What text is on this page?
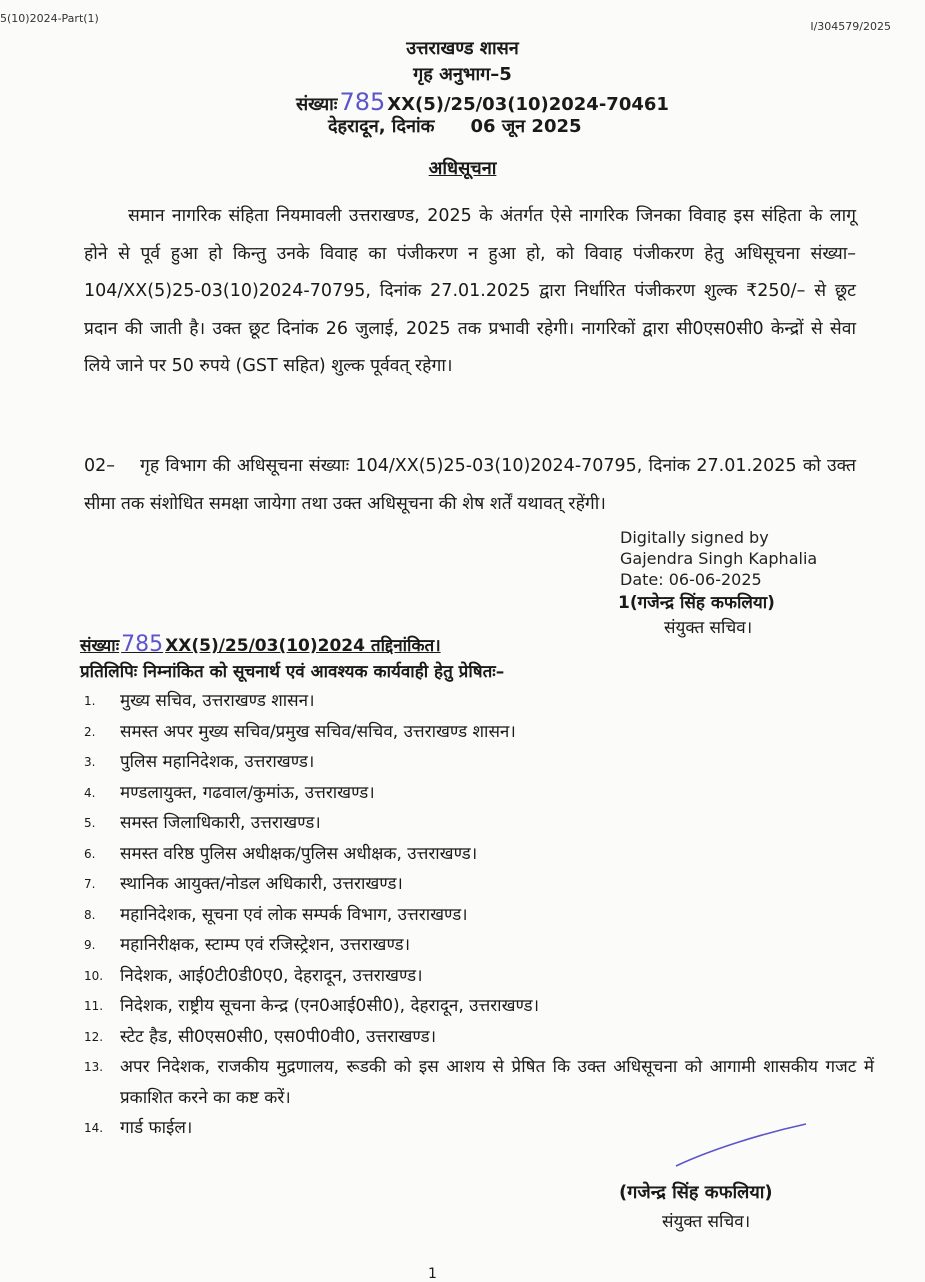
5(10)2024-Part(1)
I/304579/2025
उत्तराखण्ड शासन
गृह अनुभाग–5
संख्याः785 XX(5)/25/03(10)2024-70461
देहरादून, दिनांक 06 जून 2025
अधिसूचना
समान नागरिक संहिता नियमावली उत्तराखण्ड, 2025 के अंतर्गत ऐसे नागरिक जिनका विवाह इस संहिता के लागू होने से पूर्व हुआ हो किन्तु उनके विवाह का पंजीकरण न हुआ हो, को विवाह पंजीकरण हेतु अधिसूचना संख्या–104/XX(5)25-03(10)2024-70795, दिनांक 27.01.2025 द्वारा निर्धारित पंजीकरण शुल्क ₹250/– से छूट प्रदान की जाती है। उक्त छूट दिनांक 26 जुलाई, 2025 तक प्रभावी रहेगी। नागरिकों द्वारा सी0एस0सी0 केन्द्रों से सेवा लिये जाने पर 50 रुपये (GST सहित) शुल्क पूर्ववत् रहेगा।
02– गृह विभाग की अधिसूचना संख्याः 104/XX(5)25-03(10)2024-70795, दिनांक 27.01.2025 को उक्त सीमा तक संशोधित समक्षा जायेगा तथा उक्त अधिसूचना की शेष शर्तें यथावत् रहेंगी।
Digitally signed by
Gajendra Singh Kaphalia
Date: 06-06-2025
1(गजेन्द्र सिंह कफलिया)
संयुक्त सचिव।
संख्याः785 XX(5)/25/03(10)2024 तद्दिनांकित।
प्रतिलिपिः निम्नांकित को सूचनार्थ एवं आवश्यक कार्यवाही हेतु प्रेषितः–
1.	मुख्य सचिव, उत्तराखण्ड शासन।
2.	समस्त अपर मुख्य सचिव/प्रमुख सचिव/सचिव, उत्तराखण्ड शासन।
3.	पुलिस महानिदेशक, उत्तराखण्ड।
4.	मण्डलायुक्त, गढवाल/कुमांऊ, उत्तराखण्ड।
5.	समस्त जिलाधिकारी, उत्तराखण्ड।
6.	समस्त वरिष्ठ पुलिस अधीक्षक/पुलिस अधीक्षक, उत्तराखण्ड।
7.	स्थानिक आयुक्त/नोडल अधिकारी, उत्तराखण्ड।
8.	महानिदेशक, सूचना एवं लोक सम्पर्क विभाग, उत्तराखण्ड।
9.	महानिरीक्षक, स्टाम्प एवं रजिस्ट्रेशन, उत्तराखण्ड।
10. निदेशक, आई0टी0डी0ए0, देहरादून, उत्तराखण्ड।
11. निदेशक, राष्ट्रीय सूचना केन्द्र (एन0आई0सी0), देहरादून, उत्तराखण्ड।
12. स्टेट हैड, सी0एस0सी0, एस0पी0वी0, उत्तराखण्ड।
13. अपर निदेशक, राजकीय मुद्रणालय, रूडकी को इस आशय से प्रेषित कि उक्त अधिसूचना को आगामी शासकीय गजट में प्रकाशित करने का कष्ट करें।
14. गार्ड फाईल।
(गजेन्द्र सिंह कफलिया)
संयुक्त सचिव।
1
